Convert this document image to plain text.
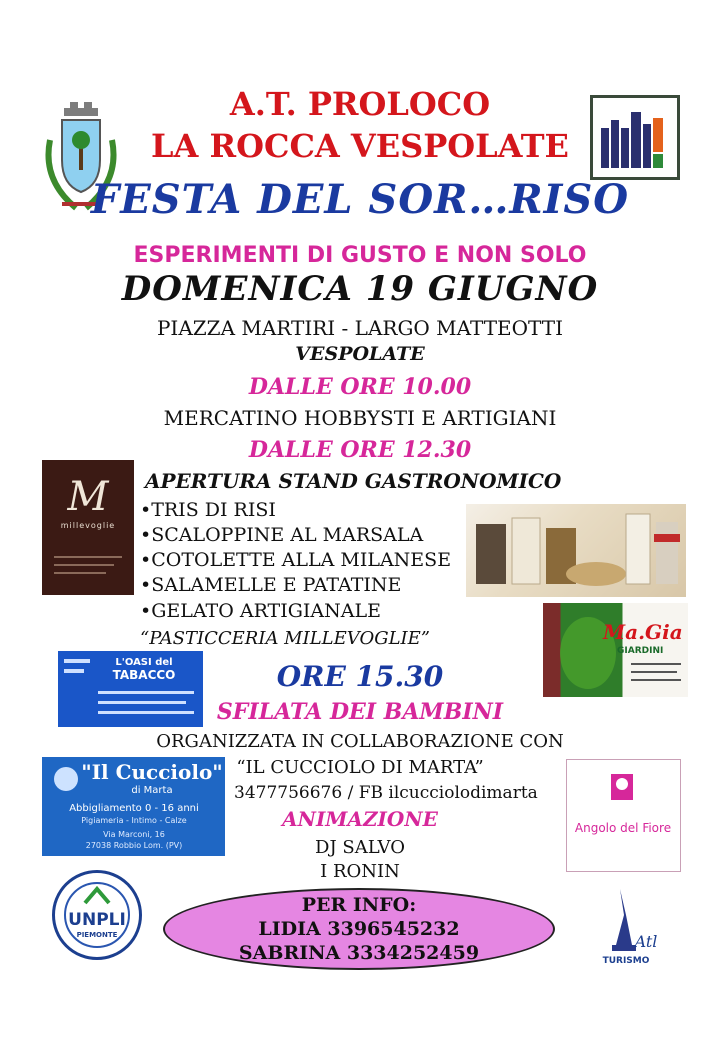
A.T. PROLOCO
LA ROCCA VESPOLATE
FESTA DEL SOR…RISO
ESPERIMENTI DI GUSTO E NON SOLO
DOMENICA 19 GIUGNO
PIAZZA MARTIRI - LARGO MATTEOTTI
VESPOLATE
DALLE ORE 10.00
MERCATINO HOBBYSTI E ARTIGIANI
DALLE ORE 12.30
M
millevoglie
APERTURA STAND GASTRONOMICO
•TRIS DI RISI
•SCALOPPINE AL MARSALA
•COTOLETTE ALLA MILANESE
•SALAMELLE E PATATINE
•GELATO ARTIGIANALE
“PASTICCERIA MILLEVOGLIE”	Ma.Gia
GIARDINI
L'OASI del
TABACCO	ORE 15.30
SFILATA DEI BAMBINI
ORGANIZZATA IN COLLABORAZIONE CON
“IL CUCCIOLO DI MARTA”
3477756676 / FB ilcucciolodimarta
ANIMAZIONE
DJ SALVO
I RONIN
"Il Cucciolo"
di Marta
Abbigliamento 0 - 16 anni
Pigiameria - Intimo - Calze
Via Marconi, 16
27038 Robbio Lom. (PV)
Angolo del Fiore
PER INFO:
LIDIA 3396545232
SABRINA 3334252459
UNPLI
PIEMONTE	Atl
TURISMO
